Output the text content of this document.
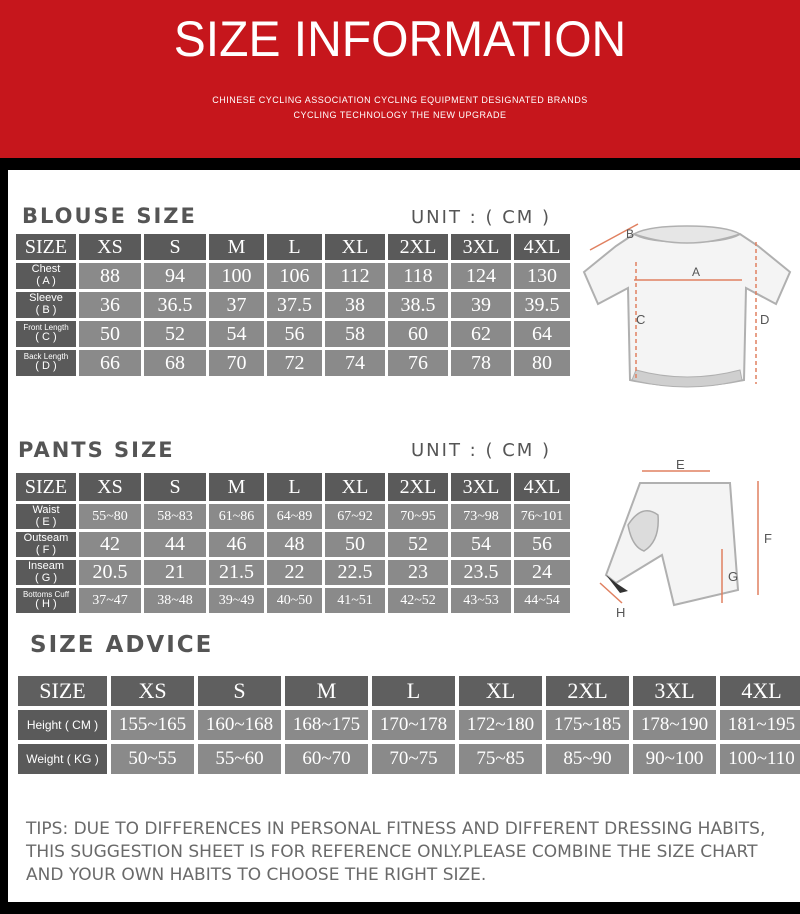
SIZE INFORMATION
CHINESE CYCLING ASSOCIATION CYCLING EQUIPMENT DESIGNATED BRANDS
CYCLING TECHNOLOGY THE NEW UPGRADE
BLOUSE SIZE	UNIT : ( CM )
SIZE	XS	S	M	L	XL	2XL	3XL	4XL
Chest
( A )	88	94	100	106	112	118	124	130
Sleeve
( B )	36	36.5	37	37.5	38	38.5	39	39.5
Front Length
( C )	50	52	54	56	58	60	62	64
Back Length
( D )	66	68	70	72	74	76	78	80
A
B
C	D
PANTS SIZE	UNIT : ( CM )
SIZE	XS	S	M	L	XL	2XL	3XL	4XL
Waist
( E )	55~80	58~83	61~86	64~89	67~92	70~95	73~98	76~101
Outseam
( F )	42	44	46	48	50	52	54	56
Inseam
( G )	20.5	21	21.5	22	22.5	23	23.5	24
Bottoms Cuff
( H )	37~47	38~48	39~49	40~50	41~51	42~52	43~53	44~54
E
F
G
H
SIZE ADVICE
SIZE	XS	S	M	L	XL	2XL	3XL	4XL
Height ( CM )	155~165	160~168	168~175	170~178	172~180	175~185	178~190	181~195
Weight ( KG )	50~55	55~60	60~70	70~75	75~85	85~90	90~100	100~110
TIPS: DUE TO DIFFERENCES IN PERSONAL FITNESS AND DIFFERENT DRESSING HABITS, THIS SUGGESTION SHEET IS FOR REFERENCE ONLY.PLEASE COMBINE THE SIZE CHART AND YOUR OWN HABITS TO CHOOSE THE RIGHT SIZE.
